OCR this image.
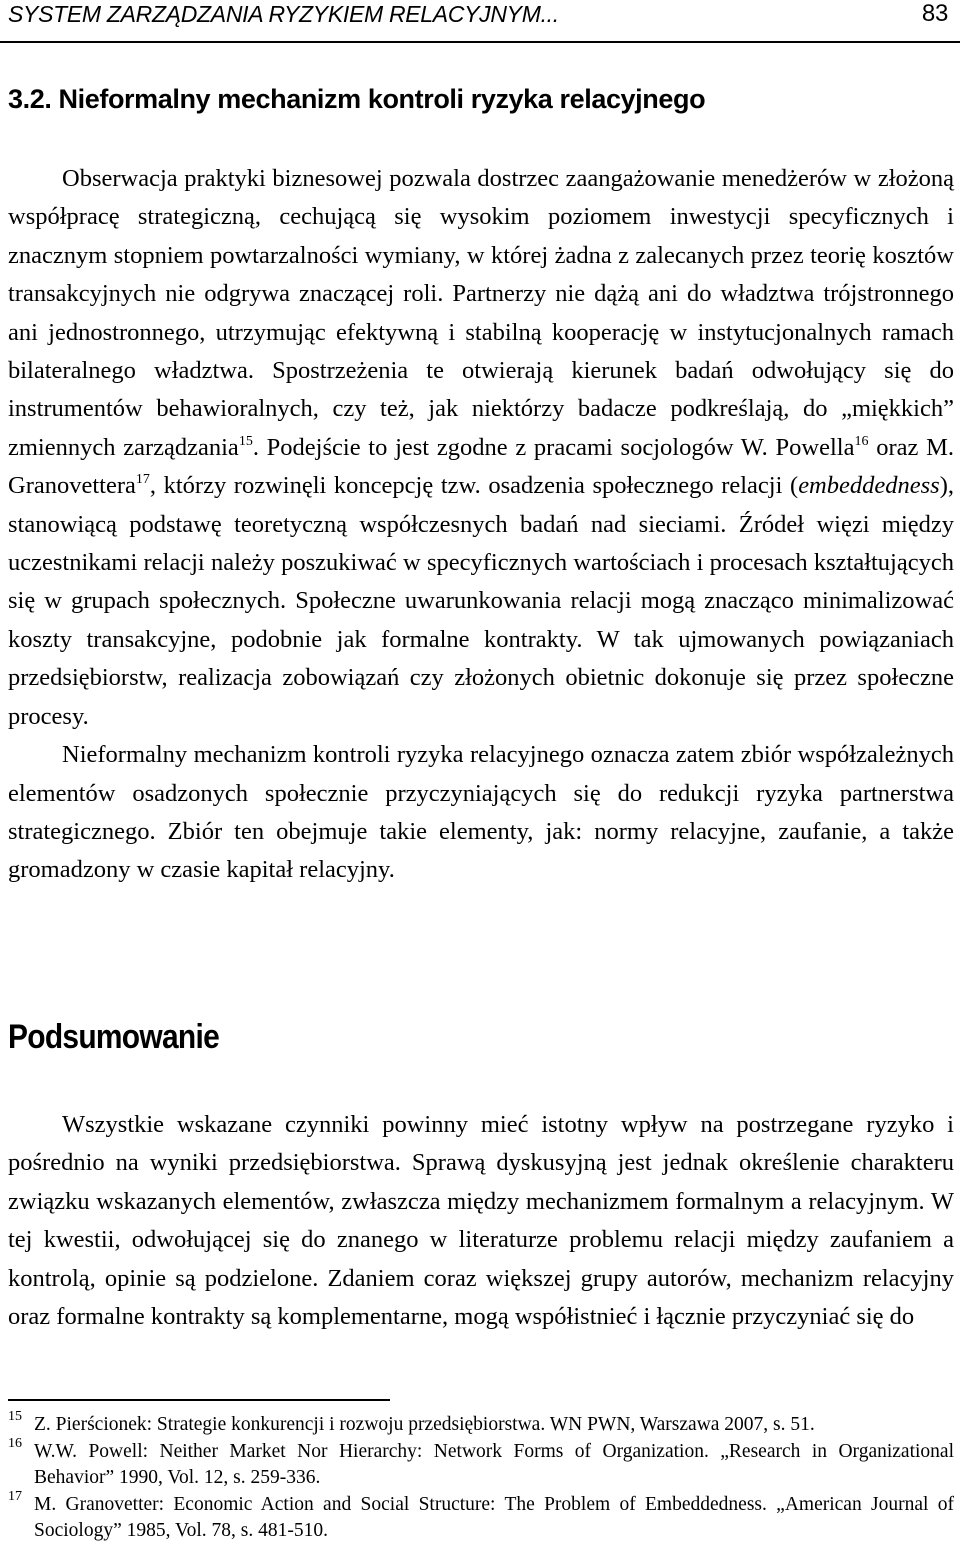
SYSTEM ZARZĄDZANIA RYZYKIEM RELACYJNYM...	83
3.2. Nieformalny mechanizm kontroli ryzyka relacyjnego

Obserwacja praktyki biznesowej pozwala dostrzec zaangażowanie menedżerów w złożoną współpracę strategiczną, cechującą się wysokim poziomem inwestycji specyficznych i znacznym stopniem powtarzalności wymiany, w której żadna z zalecanych przez teorię kosztów transakcyjnych nie odgrywa znaczącej roli. Partnerzy nie dążą ani do władztwa trójstronnego ani jednostronnego, utrzymując efektywną i stabilną kooperację w instytucjonalnych ramach bilateralnego władztwa. Spostrzeżenia te otwierają kierunek badań odwołujący się do instrumentów behawioralnych, czy też, jak niektórzy badacze podkreślają, do „miękkich” zmiennych zarządzania$^{15}$. Podejście to jest zgodne z pracami socjologów W. Powella$^{16}$ oraz M. Granovettera$^{17}$, którzy rozwinęli koncepcję tzw. osadzenia społecznego relacji (embeddedness), stanowiącą podstawę teoretyczną współczesnych badań nad sieciami. Źródeł więzi między uczestnikami relacji należy poszukiwać w specyficznych wartościach i procesach kształtujących się w grupach społecznych. Społeczne uwarunkowania relacji mogą znacząco minimalizować koszty transakcyjne, podobnie jak formalne kontrakty. W tak ujmowanych powiązaniach przedsiębiorstw, realizacja zobowiązań czy złożonych obietnic dokonuje się przez społeczne procesy.

Nieformalny mechanizm kontroli ryzyka relacyjnego oznacza zatem zbiór współzależnych elementów osadzonych społecznie przyczyniających się do redukcji ryzyka partnerstwa strategicznego. Zbiór ten obejmuje takie elementy, jak: normy relacyjne, zaufanie, a także gromadzony w czasie kapitał relacyjny.

Podsumowanie

Wszystkie wskazane czynniki powinny mieć istotny wpływ na postrzegane ryzyko i pośrednio na wyniki przedsiębiorstwa. Sprawą dyskusyjną jest jednak określenie charakteru związku wskazanych elementów, zwłaszcza między mechanizmem formalnym a relacyjnym. W tej kwestii, odwołującej się do znanego w literaturze problemu relacji między zaufaniem a kontrolą, opinie są podzielone. Zdaniem coraz większej grupy autorów, mechanizm relacyjny oraz formalne kontrakty są komplementarne, mogą współistnieć i łącznie przyczyniać się do

15 Z. Pierścionek: Strategie konkurencji i rozwoju przedsiębiorstwa. WN PWN, Warszawa 2007, s. 51.
16 W.W. Powell: Neither Market Nor Hierarchy: Network Forms of Organization. „Research in Organizational Behavior” 1990, Vol. 12, s. 259-336.
17 M. Granovetter: Economic Action and Social Structure: The Problem of Embeddedness. „American Journal of Sociology” 1985, Vol. 78, s. 481-510.
